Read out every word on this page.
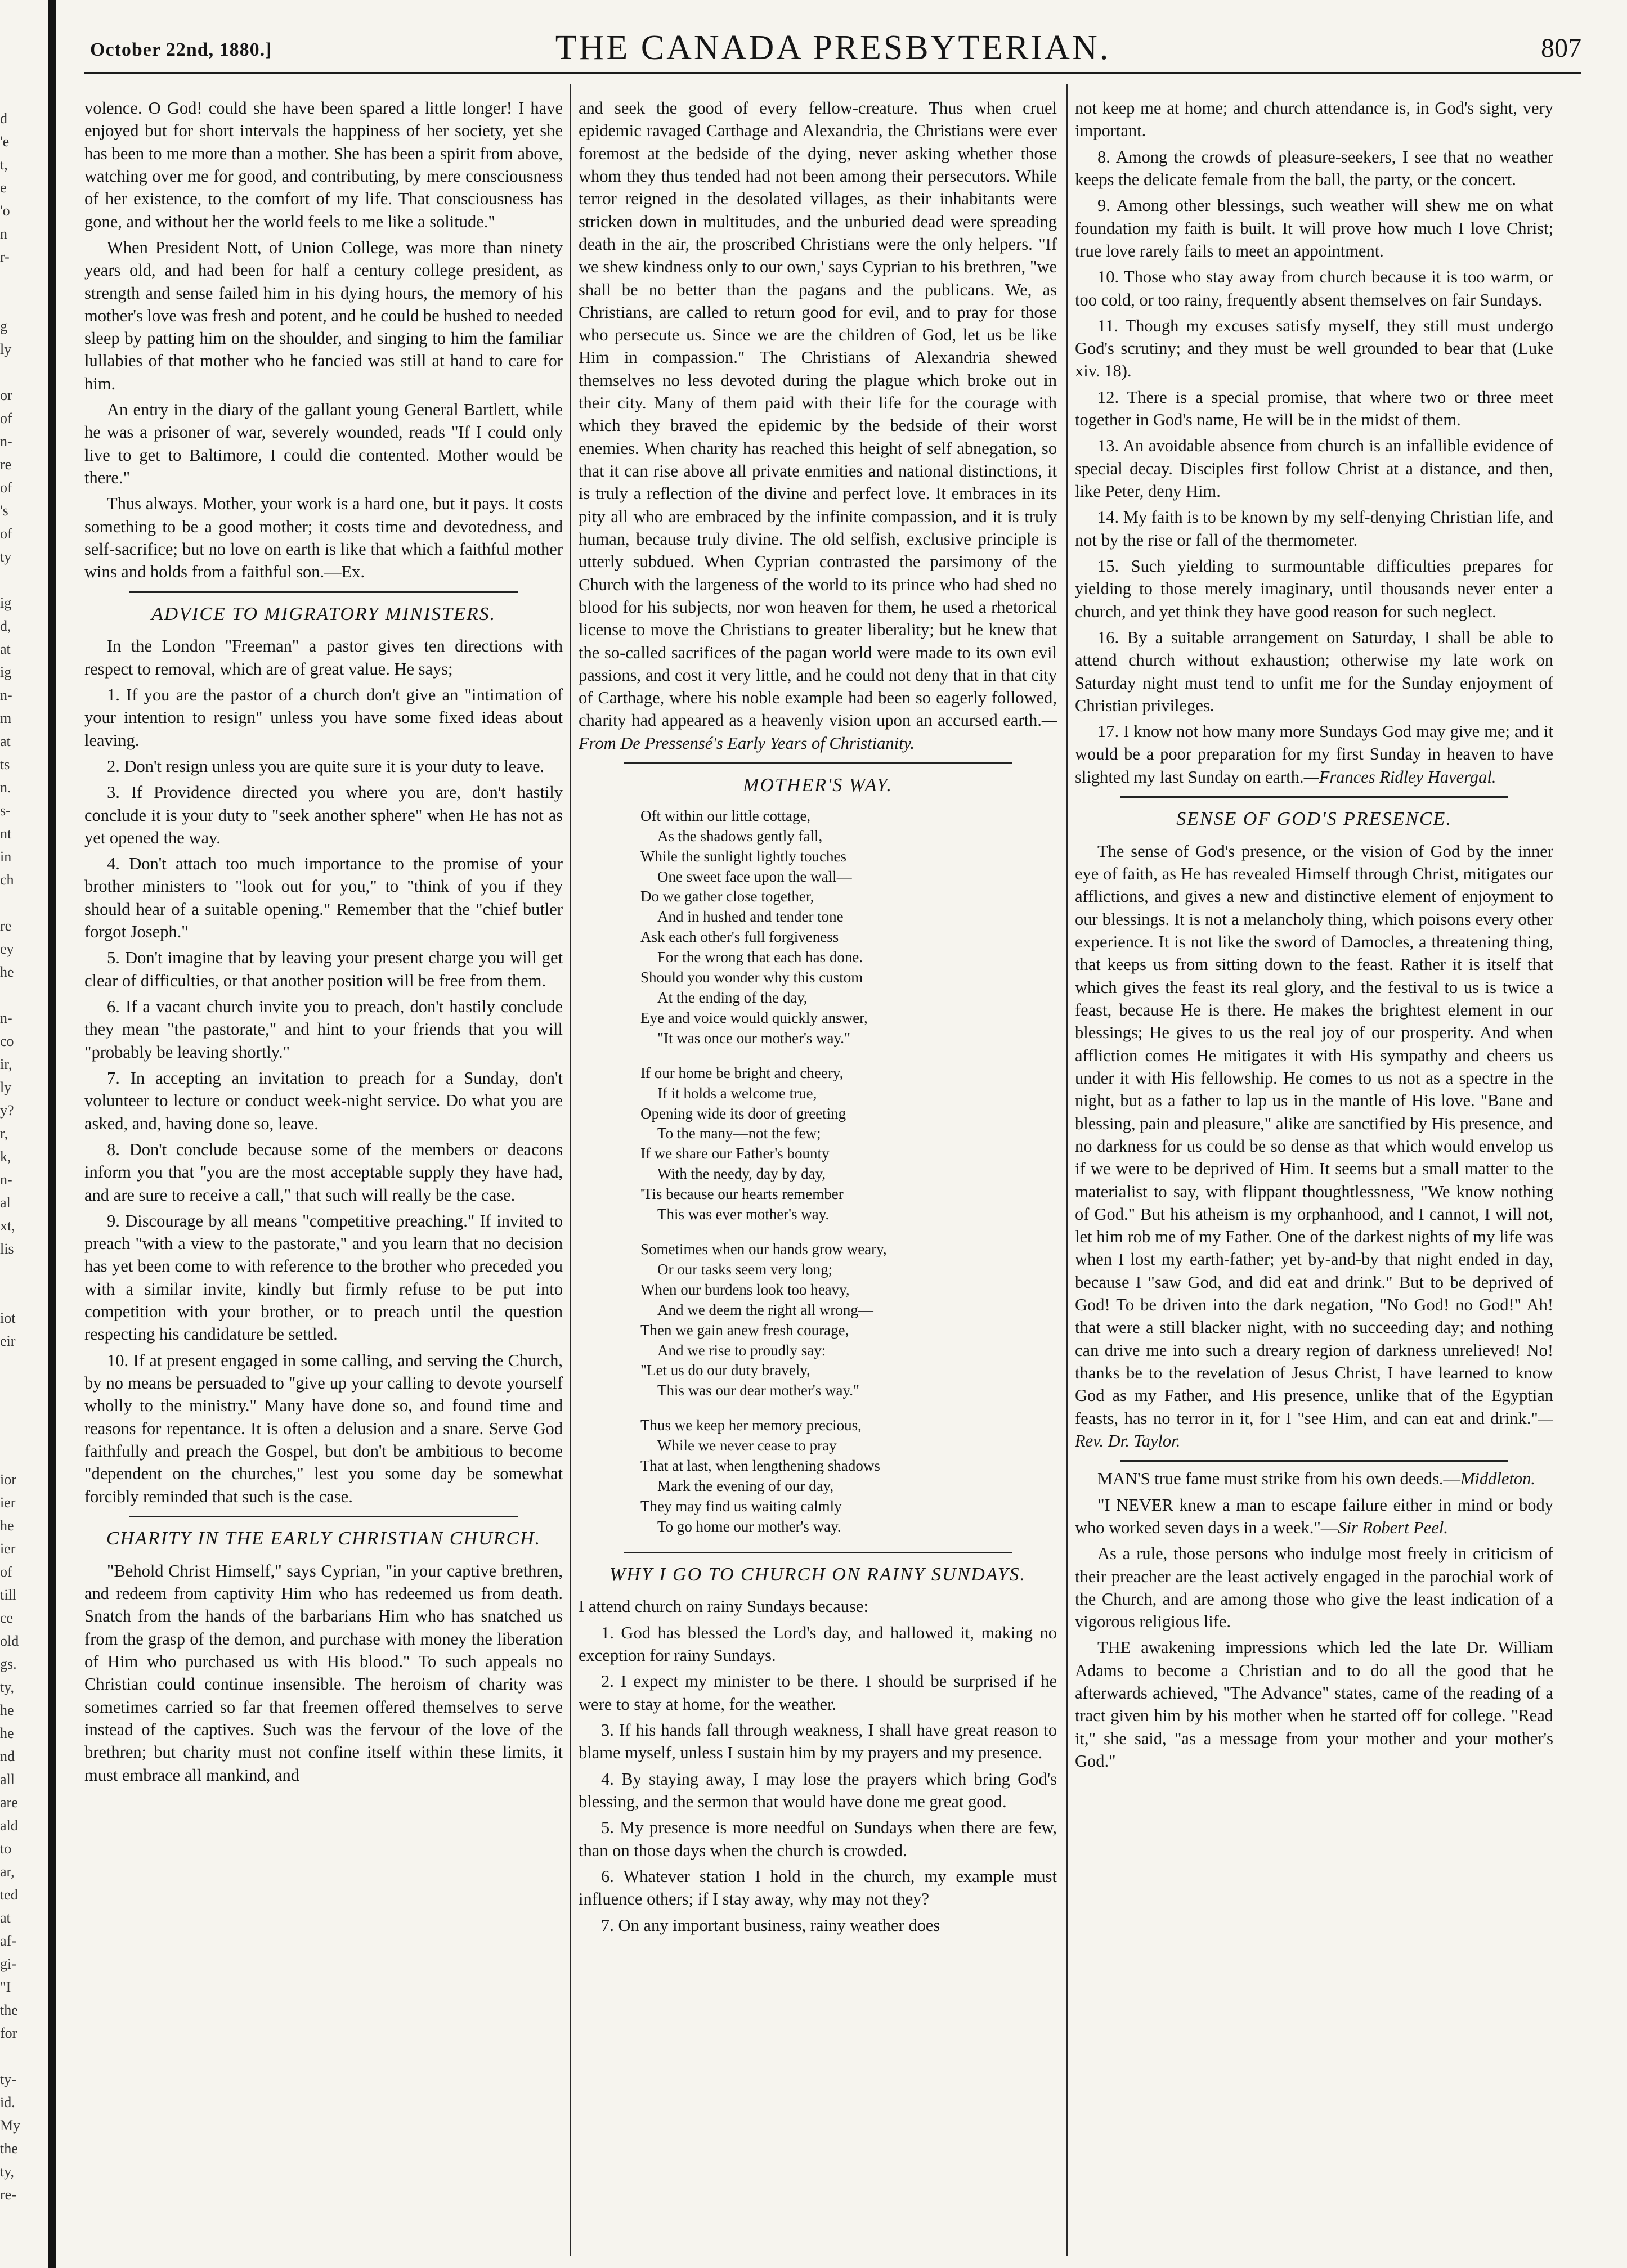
d
'e
t,
e
'o
n
r-
g
ly
or
of
n-
re
of
's
of
ty
ig
d,
at
ig
n-
m
at
ts
n.
s-
nt
in
ch
re
ey
he
n-
co
ir,
ly
y?
r,
k,
n-
al
xt,
lis
iot
eir
ior
ier
he
ier
of
till
ce
old
gs.
ty,
he
he
nd
all
are
ald
to
ar,
ted
at
af-
gi-
"I
the
for
ty-
id.
My
the
ty,
re-
October 22nd, 1880.]	THE CANADA PRESBYTERIAN.	807

volence. O God! could she have been spared a little longer! I have enjoyed but for short intervals the happiness of her society, yet she has been to me more than a mother. She has been a spirit from above, watching over me for good, and contributing, by mere consciousness of her existence, to the comfort of my life. That consciousness has gone, and without her the world feels to me like a solitude."

When President Nott, of Union College, was more than ninety years old, and had been for half a century college president, as strength and sense failed him in his dying hours, the memory of his mother's love was fresh and potent, and he could be hushed to needed sleep by patting him on the shoulder, and singing to him the familiar lullabies of that mother who he fancied was still at hand to care for him.

An entry in the diary of the gallant young General Bartlett, while he was a prisoner of war, severely wounded, reads "If I could only live to get to Baltimore, I could die contented. Mother would be there."

Thus always. Mother, your work is a hard one, but it pays. It costs something to be a good mother; it costs time and devotedness, and self-sacrifice; but no love on earth is like that which a faithful mother wins and holds from a faithful son.—Ex.

ADVICE TO MIGRATORY MINISTERS.

In the London "Freeman" a pastor gives ten directions with respect to removal, which are of great value. He says;

1. If you are the pastor of a church don't give an "intimation of your intention to resign" unless you have some fixed ideas about leaving.

2. Don't resign unless you are quite sure it is your duty to leave.

3. If Providence directed you where you are, don't hastily conclude it is your duty to "seek another sphere" when He has not as yet opened the way.

4. Don't attach too much importance to the promise of your brother ministers to "look out for you," to "think of you if they should hear of a suitable opening." Remember that the "chief butler forgot Joseph."

5. Don't imagine that by leaving your present charge you will get clear of difficulties, or that another position will be free from them.

6. If a vacant church invite you to preach, don't hastily conclude they mean "the pastorate," and hint to your friends that you will "probably be leaving shortly."

7. In accepting an invitation to preach for a Sunday, don't volunteer to lecture or conduct week-night service. Do what you are asked, and, having done so, leave.

8. Don't conclude because some of the members or deacons inform you that "you are the most acceptable supply they have had, and are sure to receive a call," that such will really be the case.

9. Discourage by all means "competitive preaching." If invited to preach "with a view to the pastorate," and you learn that no decision has yet been come to with reference to the brother who preceded you with a similar invite, kindly but firmly refuse to be put into competition with your brother, or to preach until the question respecting his candidature be settled.

10. If at present engaged in some calling, and serving the Church, by no means be persuaded to "give up your calling to devote yourself wholly to the ministry." Many have done so, and found time and reasons for repentance. It is often a delusion and a snare. Serve God faithfully and preach the Gospel, but don't be ambitious to become "dependent on the churches," lest you some day be somewhat forcibly reminded that such is the case.

CHARITY IN THE EARLY CHRISTIAN CHURCH.

"Behold Christ Himself," says Cyprian, "in your captive brethren, and redeem from captivity Him who has redeemed us from death. Snatch from the hands of the barbarians Him who has snatched us from the grasp of the demon, and purchase with money the liberation of Him who purchased us with His blood." To such appeals no Christian could continue insensible. The heroism of charity was sometimes carried so far that freemen offered themselves to serve instead of the captives. Such was the fervour of the love of the brethren; but charity must not confine itself within these limits, it must embrace all mankind, and

and seek the good of every fellow-creature. Thus when cruel epidemic ravaged Carthage and Alexandria, the Christians were ever foremost at the bedside of the dying, never asking whether those whom they thus tended had not been among their persecutors. While terror reigned in the desolated villages, as their inhabitants were stricken down in multitudes, and the unburied dead were spreading death in the air, the proscribed Christians were the only helpers. "If we shew kindness only to our own,' says Cyprian to his brethren, "we shall be no better than the pagans and the publicans. We, as Christians, are called to return good for evil, and to pray for those who persecute us. Since we are the children of God, let us be like Him in compassion." The Christians of Alexandria shewed themselves no less devoted during the plague which broke out in their city. Many of them paid with their life for the courage with which they braved the epidemic by the bedside of their worst enemies. When charity has reached this height of self abnegation, so that it can rise above all private enmities and national distinctions, it is truly a reflection of the divine and perfect love. It embraces in its pity all who are embraced by the infinite compassion, and it is truly human, because truly divine. The old selfish, exclusive principle is utterly subdued. When Cyprian contrasted the parsimony of the Church with the largeness of the world to its prince who had shed no blood for his subjects, nor won heaven for them, he used a rhetorical license to move the Christians to greater liberality; but he knew that the so-called sacrifices of the pagan world were made to its own evil passions, and cost it very little, and he could not deny that in that city of Carthage, where his noble example had been so eagerly followed, charity had appeared as a heavenly vision upon an accursed earth.—From De Pressensé's Early Years of Christianity.

MOTHER'S WAY.
Oft within our little cottage,
As the shadows gently fall,
While the sunlight lightly touches
One sweet face upon the wall—
Do we gather close together,
And in hushed and tender tone
Ask each other's full forgiveness
For the wrong that each has done.
Should you wonder why this custom
At the ending of the day,
Eye and voice would quickly answer,
"It was once our mother's way."
If our home be bright and cheery,
If it holds a welcome true,
Opening wide its door of greeting
To the many—not the few;
If we share our Father's bounty
With the needy, day by day,
'Tis because our hearts remember
This was ever mother's way.
Sometimes when our hands grow weary,
Or our tasks seem very long;
When our burdens look too heavy,
And we deem the right all wrong—
Then we gain anew fresh courage,
And we rise to proudly say:
"Let us do our duty bravely,
This was our dear mother's way."
Thus we keep her memory precious,
While we never cease to pray
That at last, when lengthening shadows
Mark the evening of our day,
They may find us waiting calmly
To go home our mother's way.
WHY I GO TO CHURCH ON RAINY SUNDAYS.

I attend church on rainy Sundays because:

1. God has blessed the Lord's day, and hallowed it, making no exception for rainy Sundays.

2. I expect my minister to be there. I should be surprised if he were to stay at home, for the weather.

3. If his hands fall through weakness, I shall have great reason to blame myself, unless I sustain him by my prayers and my presence.

4. By staying away, I may lose the prayers which bring God's blessing, and the sermon that would have done me great good.

5. My presence is more needful on Sundays when there are few, than on those days when the church is crowded.

6. Whatever station I hold in the church, my example must influence others; if I stay away, why may not they?

7. On any important business, rainy weather does

not keep me at home; and church attendance is, in God's sight, very important.

8. Among the crowds of pleasure-seekers, I see that no weather keeps the delicate female from the ball, the party, or the concert.

9. Among other blessings, such weather will shew me on what foundation my faith is built. It will prove how much I love Christ; true love rarely fails to meet an appointment.

10. Those who stay away from church because it is too warm, or too cold, or too rainy, frequently absent themselves on fair Sundays.

11. Though my excuses satisfy myself, they still must undergo God's scrutiny; and they must be well grounded to bear that (Luke xiv. 18).

12. There is a special promise, that where two or three meet together in God's name, He will be in the midst of them.

13. An avoidable absence from church is an infallible evidence of special decay. Disciples first follow Christ at a distance, and then, like Peter, deny Him.

14. My faith is to be known by my self-denying Christian life, and not by the rise or fall of the thermometer.

15. Such yielding to surmountable difficulties prepares for yielding to those merely imaginary, until thousands never enter a church, and yet think they have good reason for such neglect.

16. By a suitable arrangement on Saturday, I shall be able to attend church without exhaustion; otherwise my late work on Saturday night must tend to unfit me for the Sunday enjoyment of Christian privileges.

17. I know not how many more Sundays God may give me; and it would be a poor preparation for my first Sunday in heaven to have slighted my last Sunday on earth.—Frances Ridley Havergal.

SENSE OF GOD'S PRESENCE.

The sense of God's presence, or the vision of God by the inner eye of faith, as He has revealed Himself through Christ, mitigates our afflictions, and gives a new and distinctive element of enjoyment to our blessings. It is not a melancholy thing, which poisons every other experience. It is not like the sword of Damocles, a threatening thing, that keeps us from sitting down to the feast. Rather it is itself that which gives the feast its real glory, and the festival to us is twice a feast, because He is there. He makes the brightest element in our blessings; He gives to us the real joy of our prosperity. And when affliction comes He mitigates it with His sympathy and cheers us under it with His fellowship. He comes to us not as a spectre in the night, but as a father to lap us in the mantle of His love. "Bane and blessing, pain and pleasure," alike are sanctified by His presence, and no darkness for us could be so dense as that which would envelop us if we were to be deprived of Him. It seems but a small matter to the materialist to say, with flippant thoughtlessness, "We know nothing of God." But his atheism is my orphanhood, and I cannot, I will not, let him rob me of my Father. One of the darkest nights of my life was when I lost my earth-father; yet by-and-by that night ended in day, because I "saw God, and did eat and drink." But to be deprived of God! To be driven into the dark negation, "No God! no God!" Ah! that were a still blacker night, with no succeeding day; and nothing can drive me into such a dreary region of darkness unrelieved! No! thanks be to the revelation of Jesus Christ, I have learned to know God as my Father, and His presence, unlike that of the Egyptian feasts, has no terror in it, for I "see Him, and can eat and drink."—Rev. Dr. Taylor.

MAN'S true fame must strike from his own deeds.—Middleton.

"I NEVER knew a man to escape failure either in mind or body who worked seven days in a week."—Sir Robert Peel.

As a rule, those persons who indulge most freely in criticism of their preacher are the least actively engaged in the parochial work of the Church, and are among those who give the least indication of a vigorous religious life.

THE awakening impressions which led the late Dr. William Adams to become a Christian and to do all the good that he afterwards achieved, "The Advance" states, came of the reading of a tract given him by his mother when he started off for college. "Read it," she said, "as a message from your mother and your mother's God."
